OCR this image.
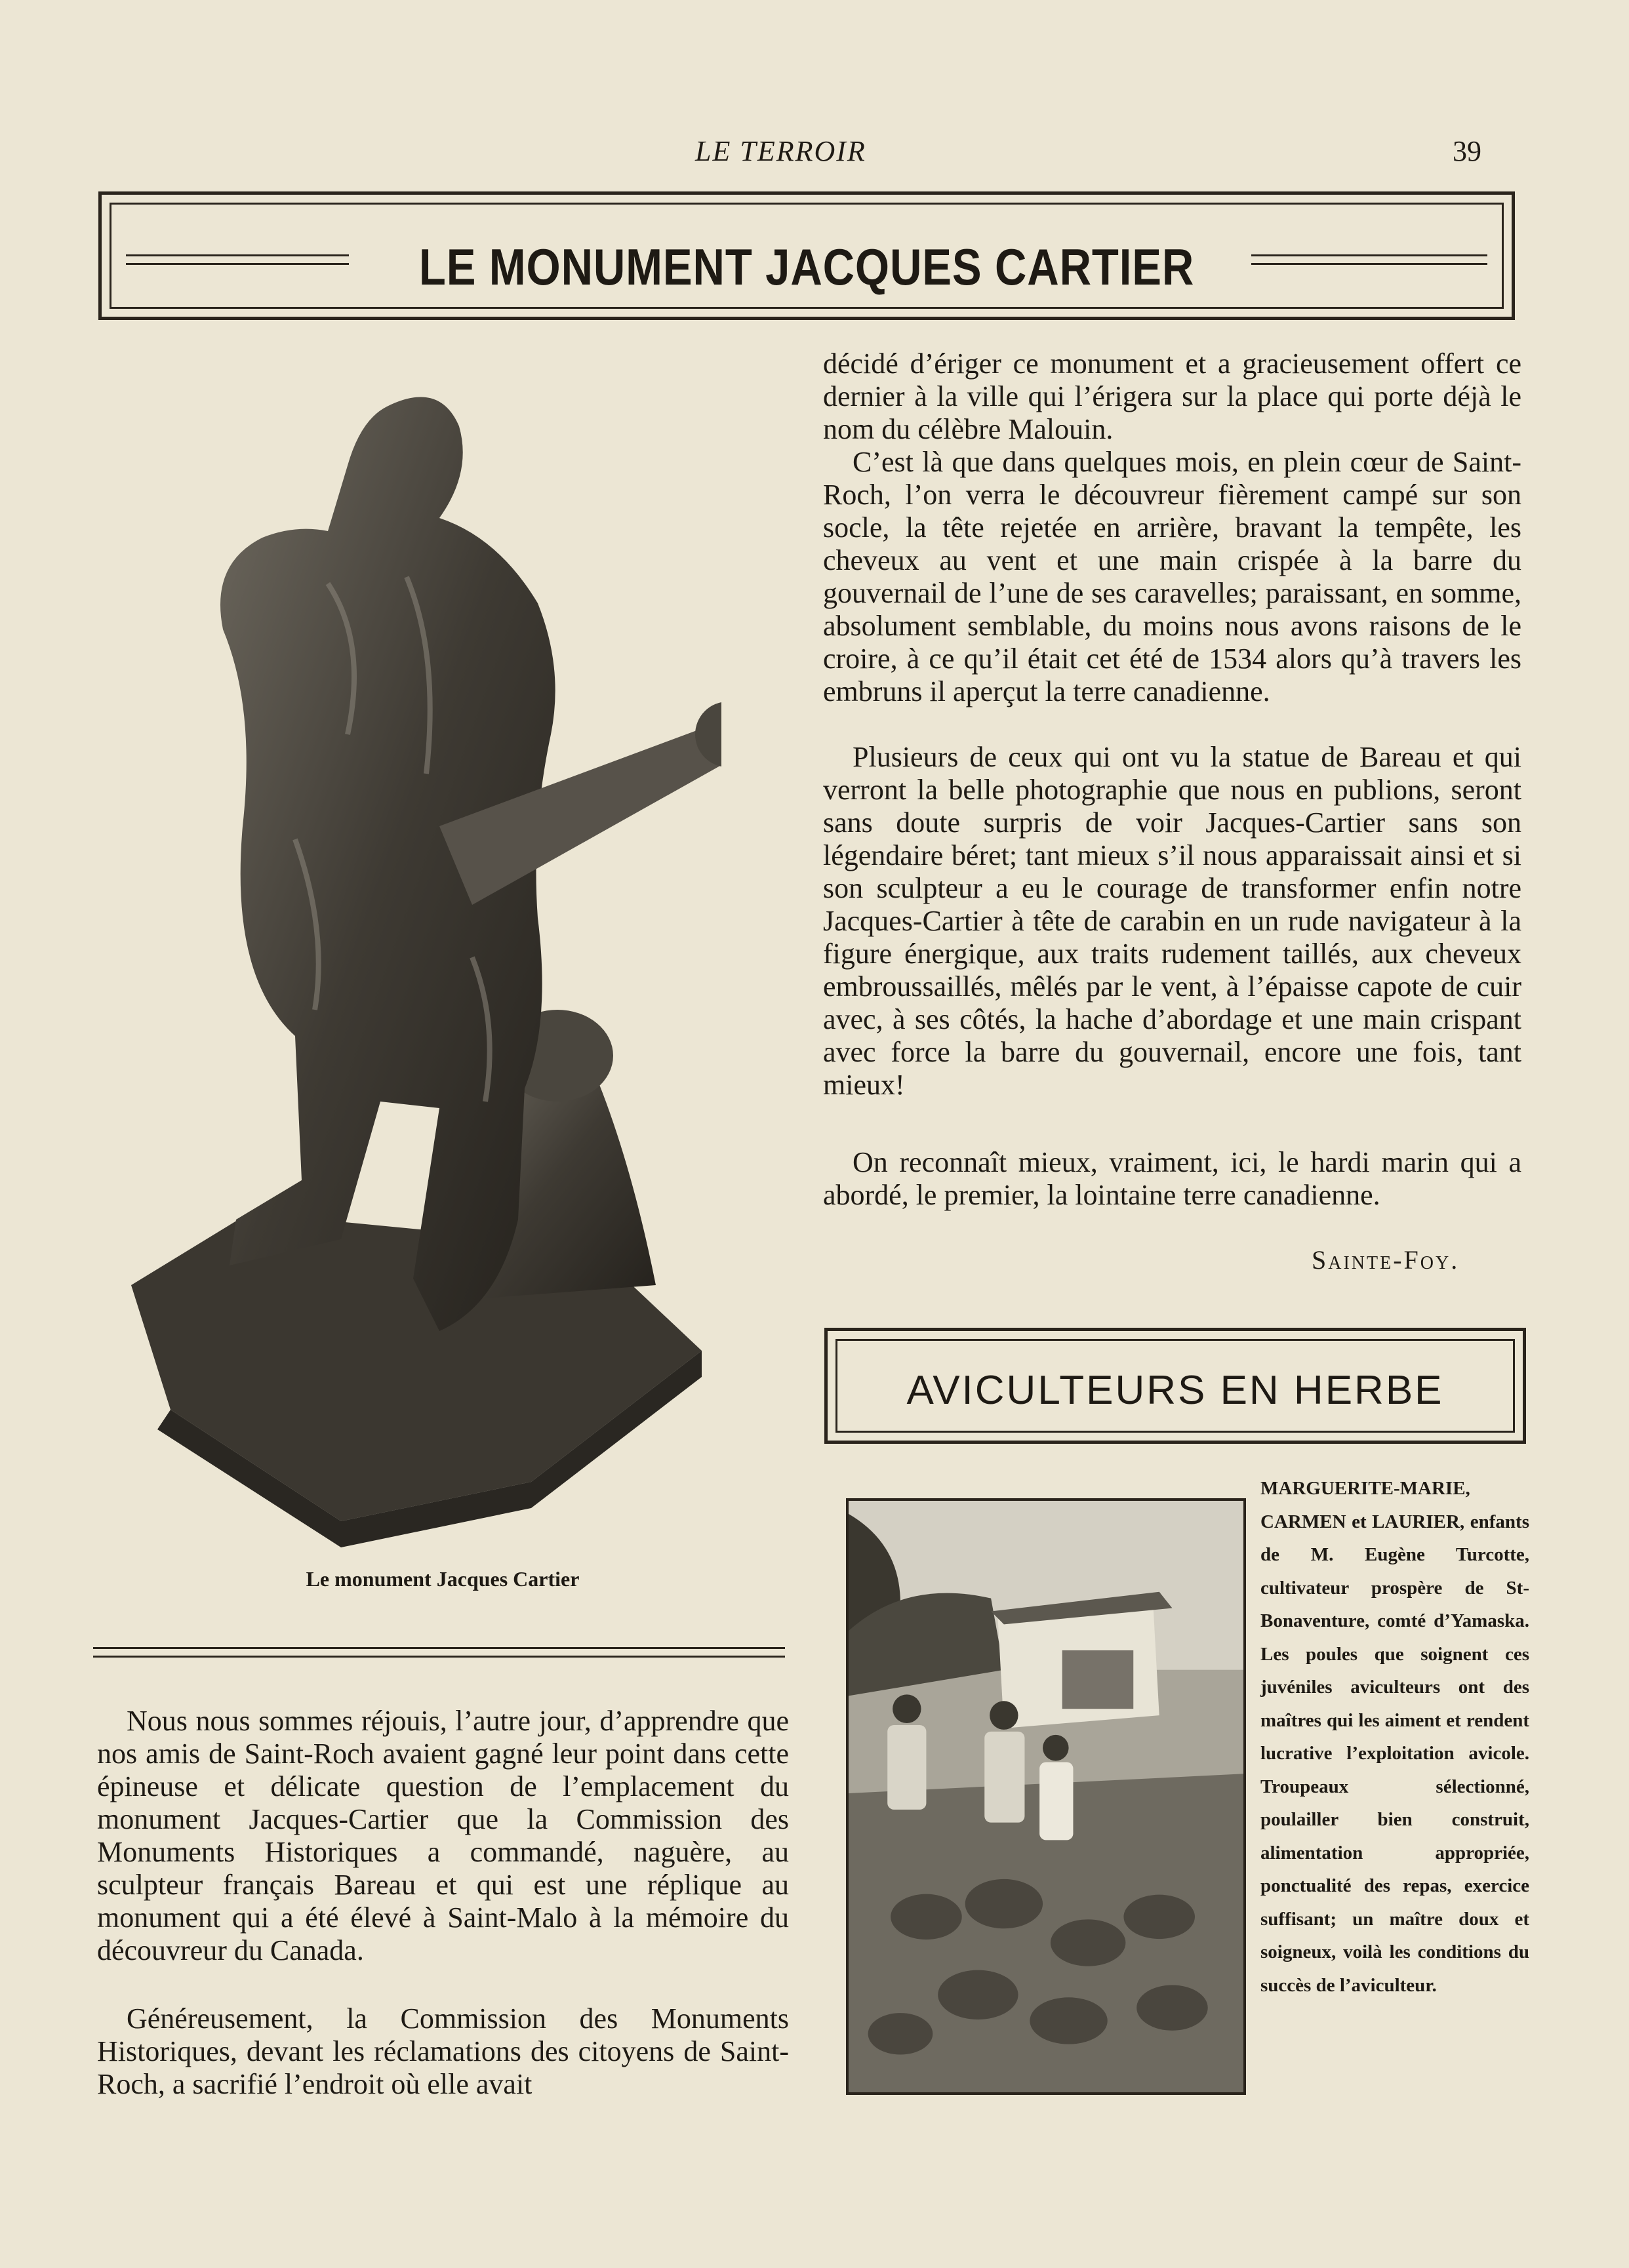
LE TERROIR	39
LE MONUMENT JACQUES CARTIER
Le monument Jacques Cartier

Nous nous sommes réjouis, l’autre jour, d’apprendre que nos amis de Saint-Roch avaient gagné leur point dans cette épineuse et délicate question de l’emplacement du monument Jacques-Cartier que la Commission des Monuments Historiques a commandé, naguère, au sculpteur français Bareau et qui est une réplique au monument qui a été élevé à Saint-Malo à la mémoire du découvreur du Canada.

Généreusement, la Commission des Monuments Historiques, devant les réclamations des citoyens de Saint-Roch, a sacrifié l’endroit où elle avait

décidé d’ériger ce monument et a gracieusement offert ce dernier à la ville qui l’érigera sur la place qui porte déjà le nom du célèbre Malouin.

C’est là que dans quelques mois, en plein cœur de Saint-Roch, l’on verra le découvreur fièrement campé sur son socle, la tête rejetée en arrière, bravant la tempête, les cheveux au vent et une main crispée à la barre du gouvernail de l’une de ses caravelles; paraissant, en somme, absolument semblable, du moins nous avons raisons de le croire, à ce qu’il était cet été de 1534 alors qu’à travers les embruns il aperçut la terre canadienne.

Plusieurs de ceux qui ont vu la statue de Bareau et qui verront la belle photographie que nous en publions, seront sans doute surpris de voir Jacques-Cartier sans son légendaire béret; tant mieux s’il nous apparaissait ainsi et si son sculpteur a eu le courage de transformer enfin notre Jacques-Cartier à tête de carabin en un rude navigateur à la figure énergique, aux traits rudement taillés, aux cheveux embroussaillés, mêlés par le vent, à l’épaisse capote de cuir avec, à ses côtés, la hache d’abordage et une main crispant avec force la barre du gouvernail, encore une fois, tant mieux!

On reconnaît mieux, vraiment, ici, le hardi marin qui a abordé, le premier, la lointaine terre canadienne.

Sainte-Foy.
AVICULTEURS EN HERBE
MARGUERITE-MARIE, CARMEN et LAURIER, enfants de M. Eugène Turcotte, cultivateur prospère de St-Bonaventure, comté d’Yamaska. Les poules que soignent ces juvéniles aviculteurs ont des maîtres qui les aiment et rendent lucrative l’exploitation avicole. Troupeaux sélectionné, poulailler bien construit, alimentation appropriée, ponctualité des repas, exercice suffisant; un maître doux et soigneux, voilà les conditions du succès de l’aviculteur.
